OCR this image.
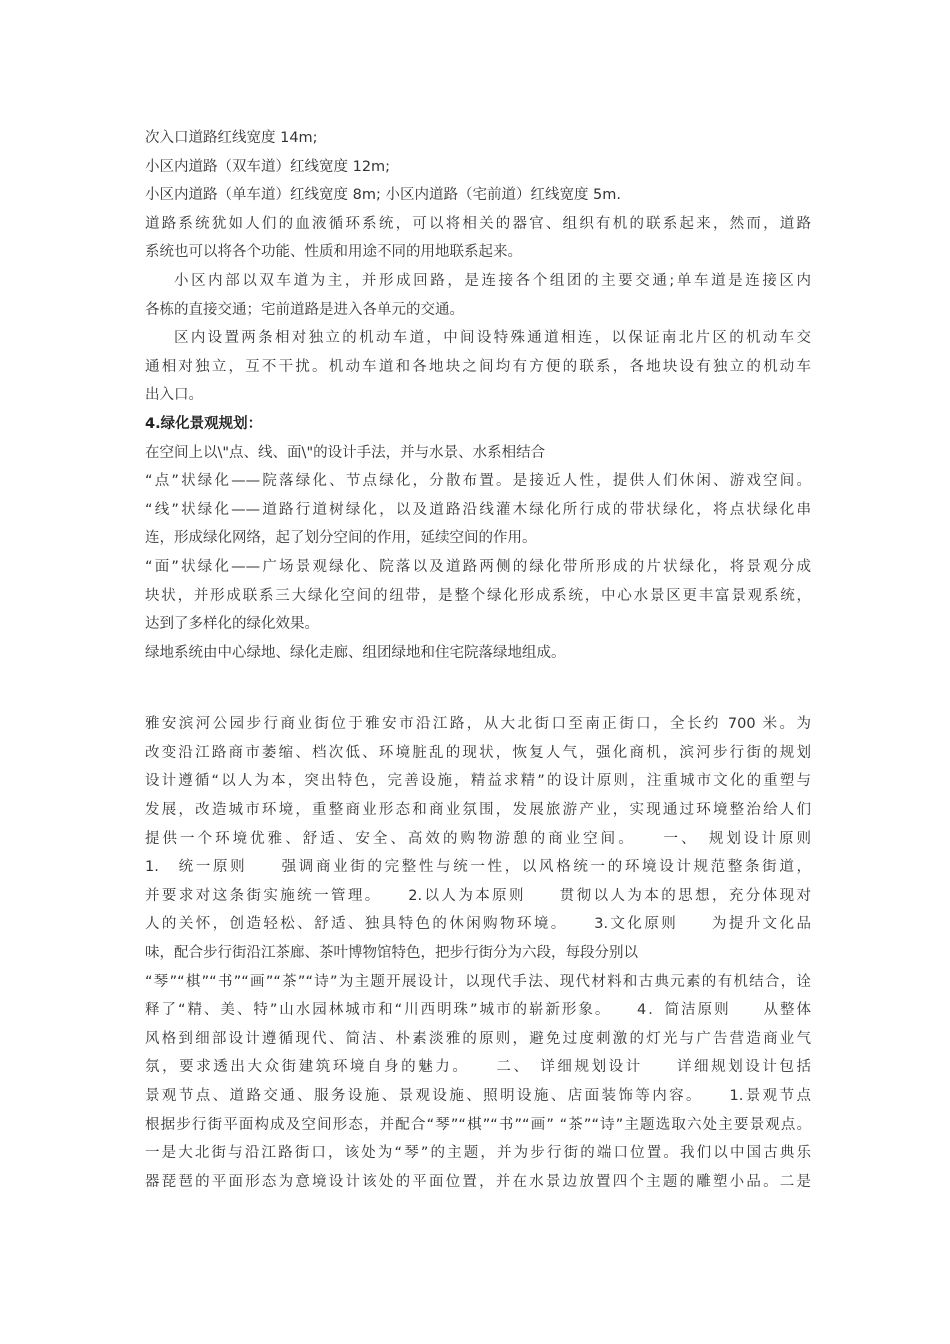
次入口道路红线宽度 14m;
小区内道路（双车道）红线宽度 12m;
小区内道路（单车道）红线宽度 8m; 小区内道路（宅前道）红线宽度 5m.
道路系统犹如人们的血液循环系统，可以将相关的器官、组织有机的联系起来，然而，道路
系统也可以将各个功能、性质和用途不同的用地联系起来。
小区内部以双车道为主，并形成回路，是连接各个组团的主要交通;单车道是连接区内
各栋的直接交通；宅前道路是进入各单元的交通。
区内设置两条相对独立的机动车道，中间设特殊通道相连，以保证南北片区的机动车交
通相对独立，互不干扰。机动车道和各地块之间均有方便的联系，各地块设有独立的机动车
出入口。
4.绿化景观规划：
在空间上以\"点、线、面\"的设计手法，并与水景、水系相结合
“点”状绿化——院落绿化、节点绿化，分散布置。是接近人性，提供人们休闲、游戏空间。
“线”状绿化——道路行道树绿化，以及道路沿线灌木绿化所行成的带状绿化，将点状绿化串
连，形成绿化网络，起了划分空间的作用，延续空间的作用。
“面”状绿化——广场景观绿化、院落以及道路两侧的绿化带所形成的片状绿化，将景观分成
块状，并形成联系三大绿化空间的纽带，是整个绿化形成系统，中心水景区更丰富景观系统，
达到了多样化的绿化效果。
绿地系统由中心绿地、绿化走廊、组团绿地和住宅院落绿地组成。
雅安滨河公园步行商业街位于雅安市沿江路，从大北街口至南正街口，全长约 700 米。为
改变沿江路商市萎缩、档次低、环境脏乱的现状，恢复人气，强化商机，滨河步行街的规划
设计遵循“以人为本，突出特色，完善设施，精益求精”的设计原则，注重城市文化的重塑与
发展，改造城市环境，重整商业形态和商业氛围，发展旅游产业，实现通过环境整治给人们
提供一个环境优雅、舒适、安全、高效的购物游憩的商业空间。　　一、　规划设计原则
1.　统一原则　　强调商业街的完整性与统一性，以风格统一的环境设计规范整条街道，
并要求对这条街实施统一管理。　　2.以人为本原则　　贯彻以人为本的思想，充分体现对
人的关怀，创造轻松、舒适、独具特色的休闲购物环境。　　3.文化原则　　为提升文化品
味，配合步行街沿江茶廊、茶叶博物馆特色，把步行街分为六段，每段分别以
“琴”“棋”“书”“画”“茶”“诗”为主题开展设计，以现代手法、现代材料和古典元素的有机结合，诠
释了“精、美、特”山水园林城市和“川西明珠”城市的崭新形象。　　4．简洁原则　　从整体
风格到细部设计遵循现代、简洁、朴素淡雅的原则，避免过度刺激的灯光与广告营造商业气
氛，要求透出大众街建筑环境自身的魅力。　　二、　详细规划设计　　详细规划设计包括
景观节点、道路交通、服务设施、景观设施、照明设施、店面装饰等内容。　　1.景观节点
根据步行街平面构成及空间形态，并配合“琴”“棋”“书”“画” “茶”“诗”主题选取六处主要景观点。
一是大北街与沿江路街口，该处为“琴”的主题，并为步行街的端口位置。我们以中国古典乐
器琵琶的平面形态为意境设计该处的平面位置，并在水景边放置四个主题的雕塑小品。二是
